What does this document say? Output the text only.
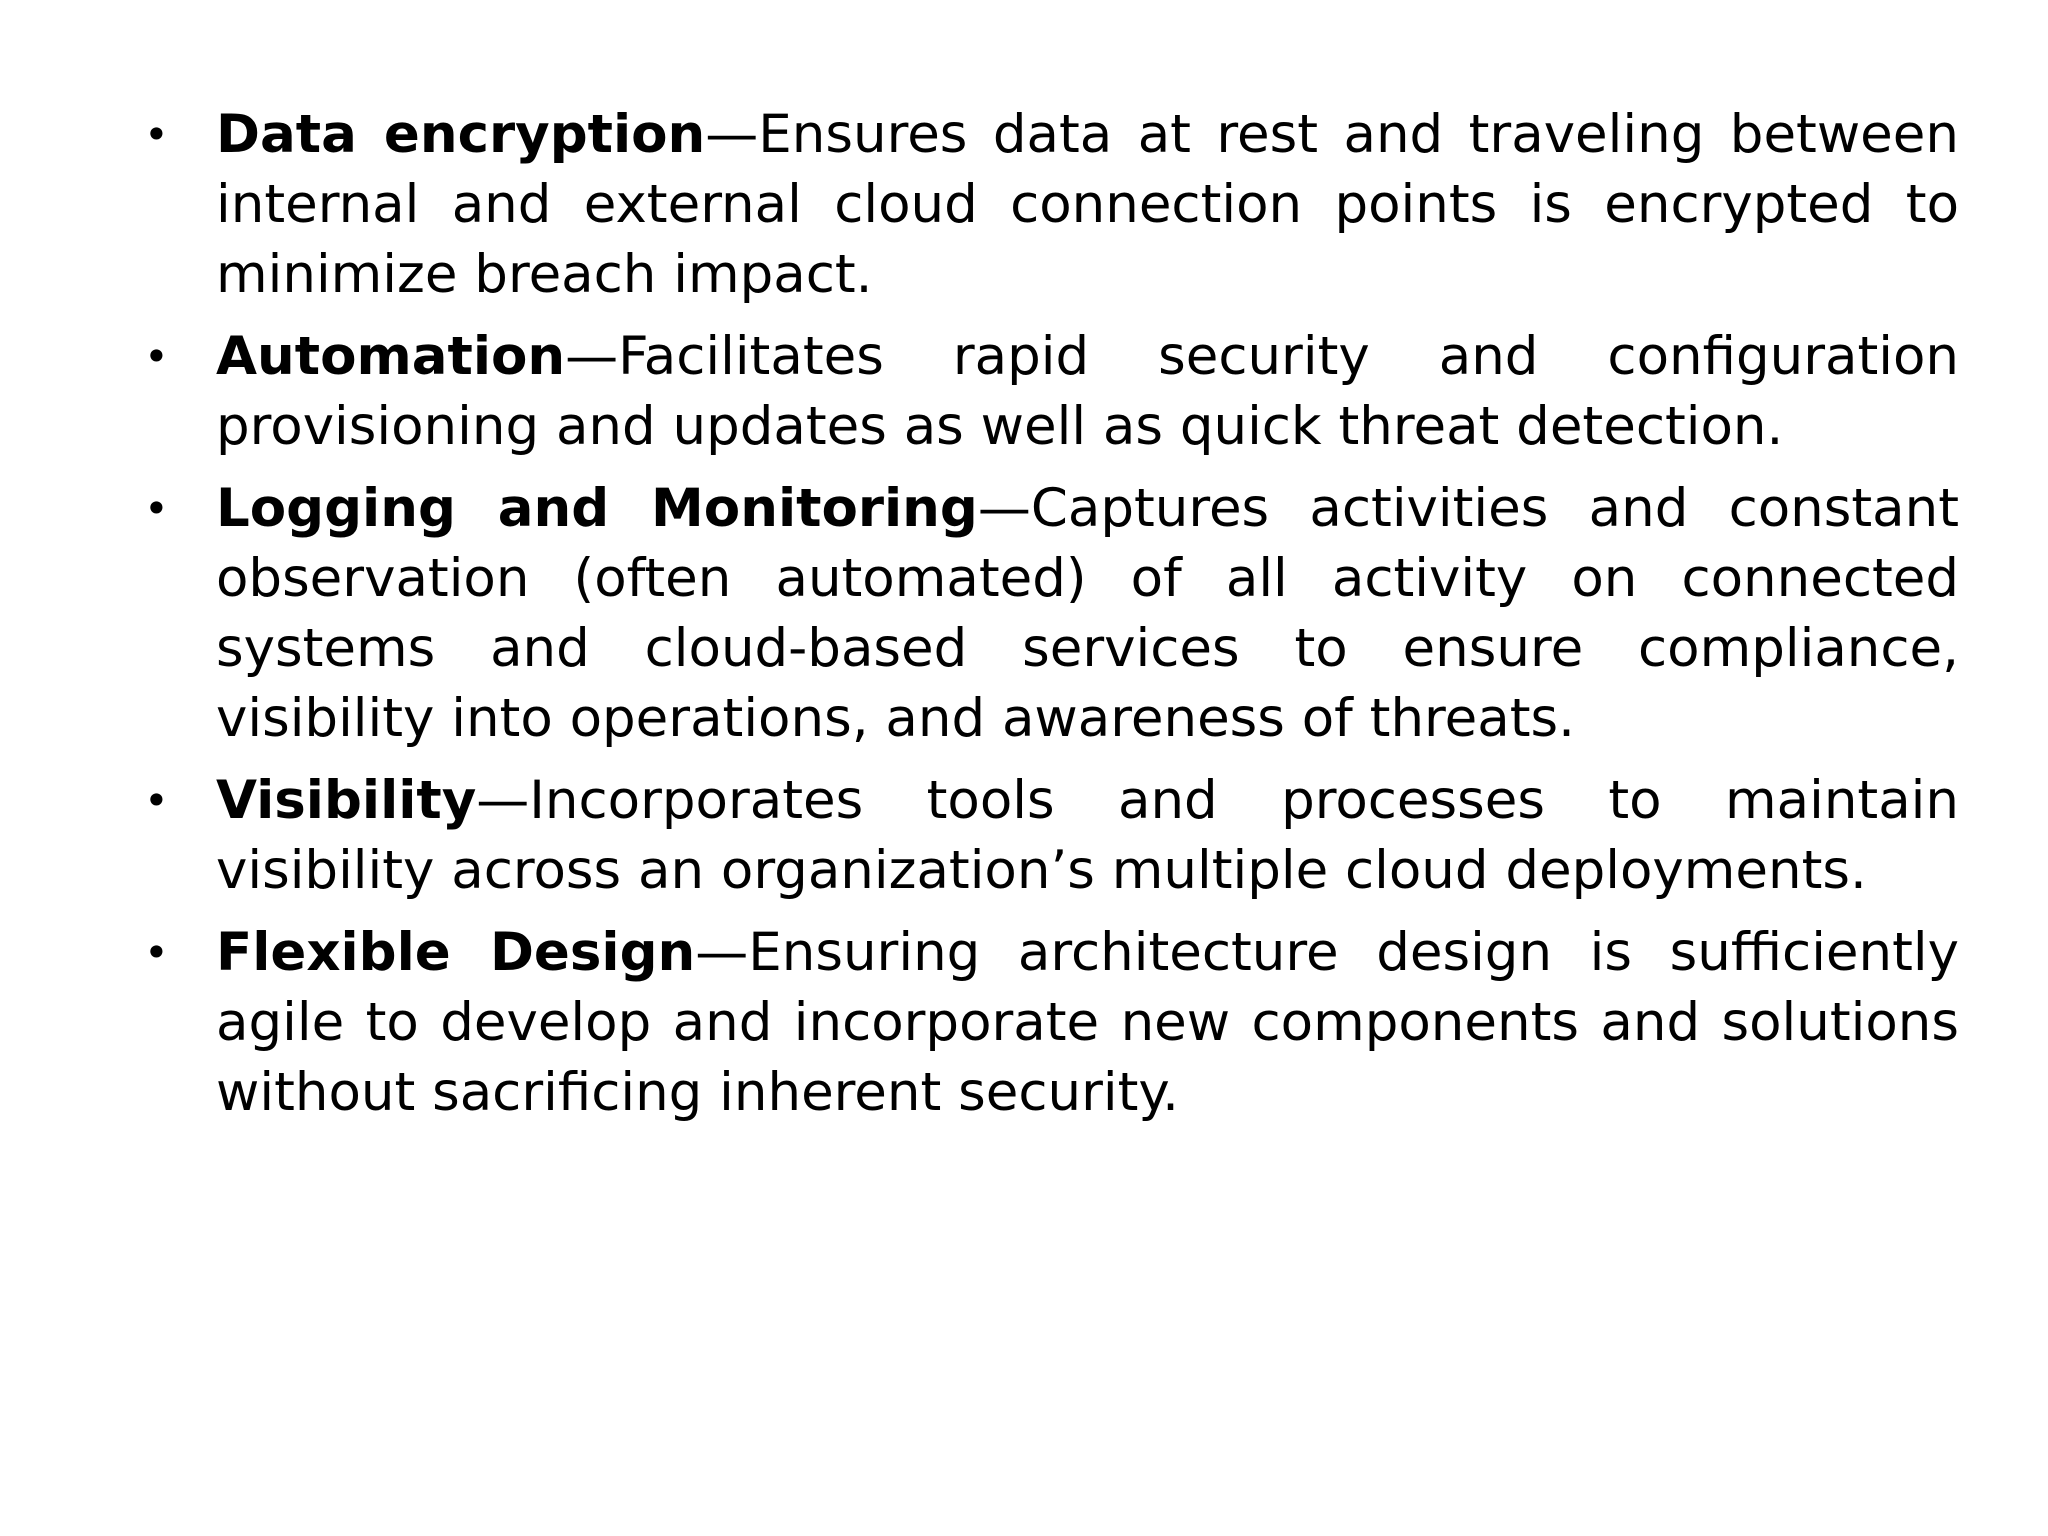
• Data encryption—Ensures data at rest and traveling between internal and external cloud connection points is encrypted to minimize breach impact.
• Automation—Facilitates rapid security and configuration provisioning and updates as well as quick threat detection.
• Logging and Monitoring—Captures activities and constant observation (often automated) of all activity on connected systems and cloud-based services to ensure compliance, visibility into operations, and awareness of threats.
• Visibility—Incorporates tools and processes to maintain visibility across an organization’s multiple cloud deployments.
• Flexible Design—Ensuring architecture design is sufficiently agile to develop and incorporate new components and solutions without sacrificing inherent security.
